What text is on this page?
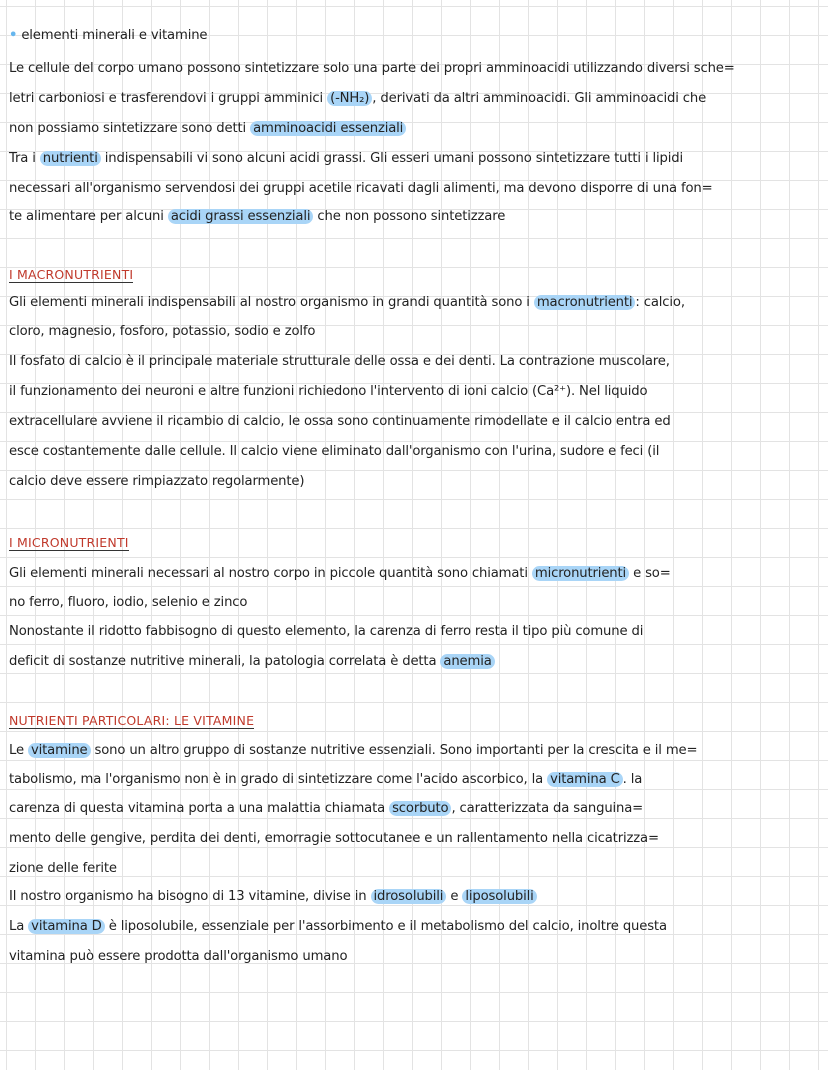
• elementi minerali e vitamine
Le cellule del corpo umano possono sintetizzare solo una parte dei propri amminoacidi utilizzando diversi sche=
letri carboniosi e trasferendovi i gruppi amminici (-NH₂) , derivati da altri amminoacidi. Gli amminoacidi che
non possiamo sintetizzare sono detti amminoacidi essenziali
Tra i nutrienti indispensabili vi sono alcuni acidi grassi. Gli esseri umani possono sintetizzare tutti i lipidi
necessari all'organismo servendosi dei gruppi acetile ricavati dagli alimenti, ma devono disporre di una fon=
te alimentare per alcuni acidi grassi essenziali che non possono sintetizzare
I MACRONUTRIENTI
Gli elementi minerali indispensabili al nostro organismo in grandi quantità sono i macronutrienti : calcio,
cloro, magnesio, fosforo, potassio, sodio e zolfo
Il fosfato di calcio è il principale materiale strutturale delle ossa e dei denti. La contrazione muscolare,
il funzionamento dei neuroni e altre funzioni richiedono l'intervento di ioni calcio (Ca²⁺). Nel liquido
extracellulare avviene il ricambio di calcio, le ossa sono continuamente rimodellate e il calcio entra ed
esce costantemente dalle cellule. Il calcio viene eliminato dall'organismo con l'urina, sudore e feci (il
calcio deve essere rimpiazzato regolarmente)
I MICRONUTRIENTI
Gli elementi minerali necessari al nostro corpo in piccole quantità sono chiamati micronutrienti e so=
no ferro, fluoro, iodio, selenio e zinco
Nonostante il ridotto fabbisogno di questo elemento, la carenza di ferro resta il tipo più comune di
deficit di sostanze nutritive minerali, la patologia correlata è detta anemia
NUTRIENTI PARTICOLARI: LE VITAMINE
Le vitamine sono un altro gruppo di sostanze nutritive essenziali. Sono importanti per la crescita e il me=
tabolismo, ma l'organismo non è in grado di sintetizzare come l'acido ascorbico, la vitamina C . la
carenza di questa vitamina porta a una malattia chiamata scorbuto , caratterizzata da sanguina=
mento delle gengive, perdita dei denti, emorragie sottocutanee e un rallentamento nella cicatrizza=
zione delle ferite
Il nostro organismo ha bisogno di 13 vitamine, divise in idrosolubili e liposolubili
La vitamina D è liposolubile, essenziale per l'assorbimento e il metabolismo del calcio, inoltre questa
vitamina può essere prodotta dall'organismo umano
